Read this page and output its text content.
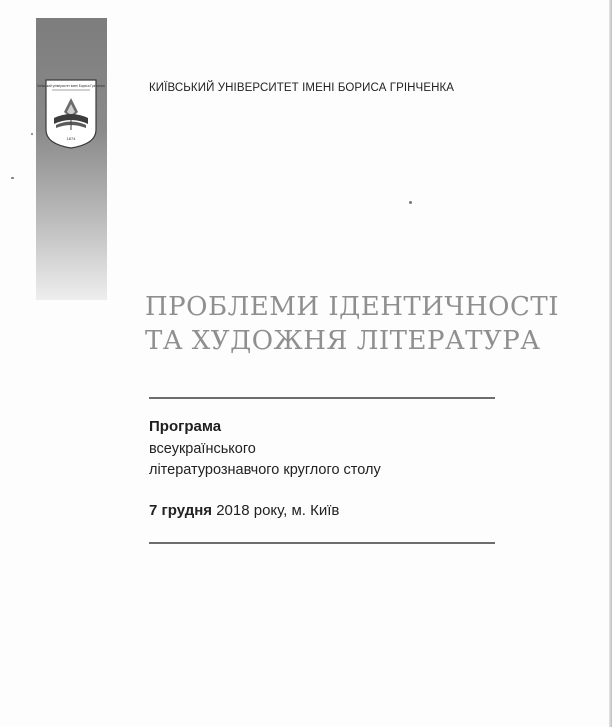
Київський університет імені Бориса Грінченка
1874
КИЇВСЬКИЙ УНІВЕРСИТЕТ ІМЕНІ БОРИСА ГРІНЧЕНКА
ПРОБЛЕМИ ІДЕНТИЧНОСТІ
ТА ХУДОЖНЯ ЛІТЕРАТУРА
Програма
всеукраїнського
літературознавчого круглого столу
7 грудня 2018 року, м. Київ
